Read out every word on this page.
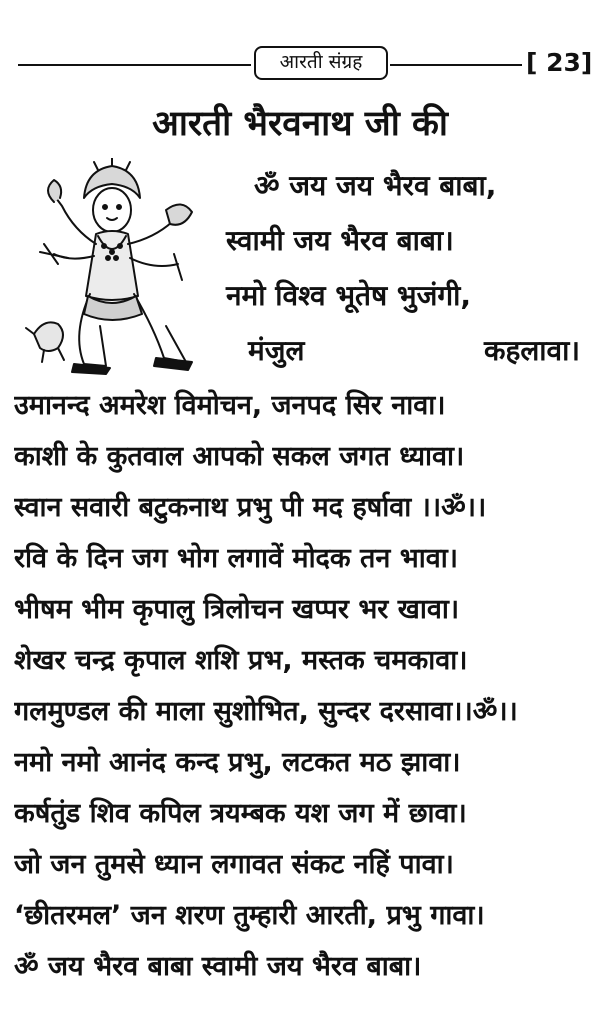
आरती संग्रह	[ 23]
आरती भैरवनाथ जी की
ॐ जय जय भैरव बाबा,
स्वामी जय भैरव बाबा।
नमो विश्व भूतेष भुजंगी,
मंजुल	कहलावा।
उमानन्द अमरेश विमोचन, जनपद सिर नावा।
काशी के कुतवाल आपको सकल जगत ध्यावा।
स्वान सवारी बटुकनाथ प्रभु पी मद हर्षावा ।।ॐ।।
रवि के दिन जग भोग लगावें मोदक तन भावा।
भीषम भीम कृपालु त्रिलोचन खप्पर भर खावा।
शेखर चन्द्र कृपाल शशि प्रभ, मस्तक चमकावा।
गलमुण्डल की माला सुशोभित, सुन्दर दरसावा।।ॐ।।
नमो नमो आनंद कन्द प्रभु, लटकत मठ झावा।
कर्षतुंड शिव कपिल त्रयम्बक यश जग में छावा।
जो जन तुमसे ध्यान लगावत संकट नहिं पावा।
‘छीतरमल’ जन शरण तुम्हारी आरती, प्रभु गावा।
ॐ जय भैरव बाबा स्वामी जय भैरव बाबा।
